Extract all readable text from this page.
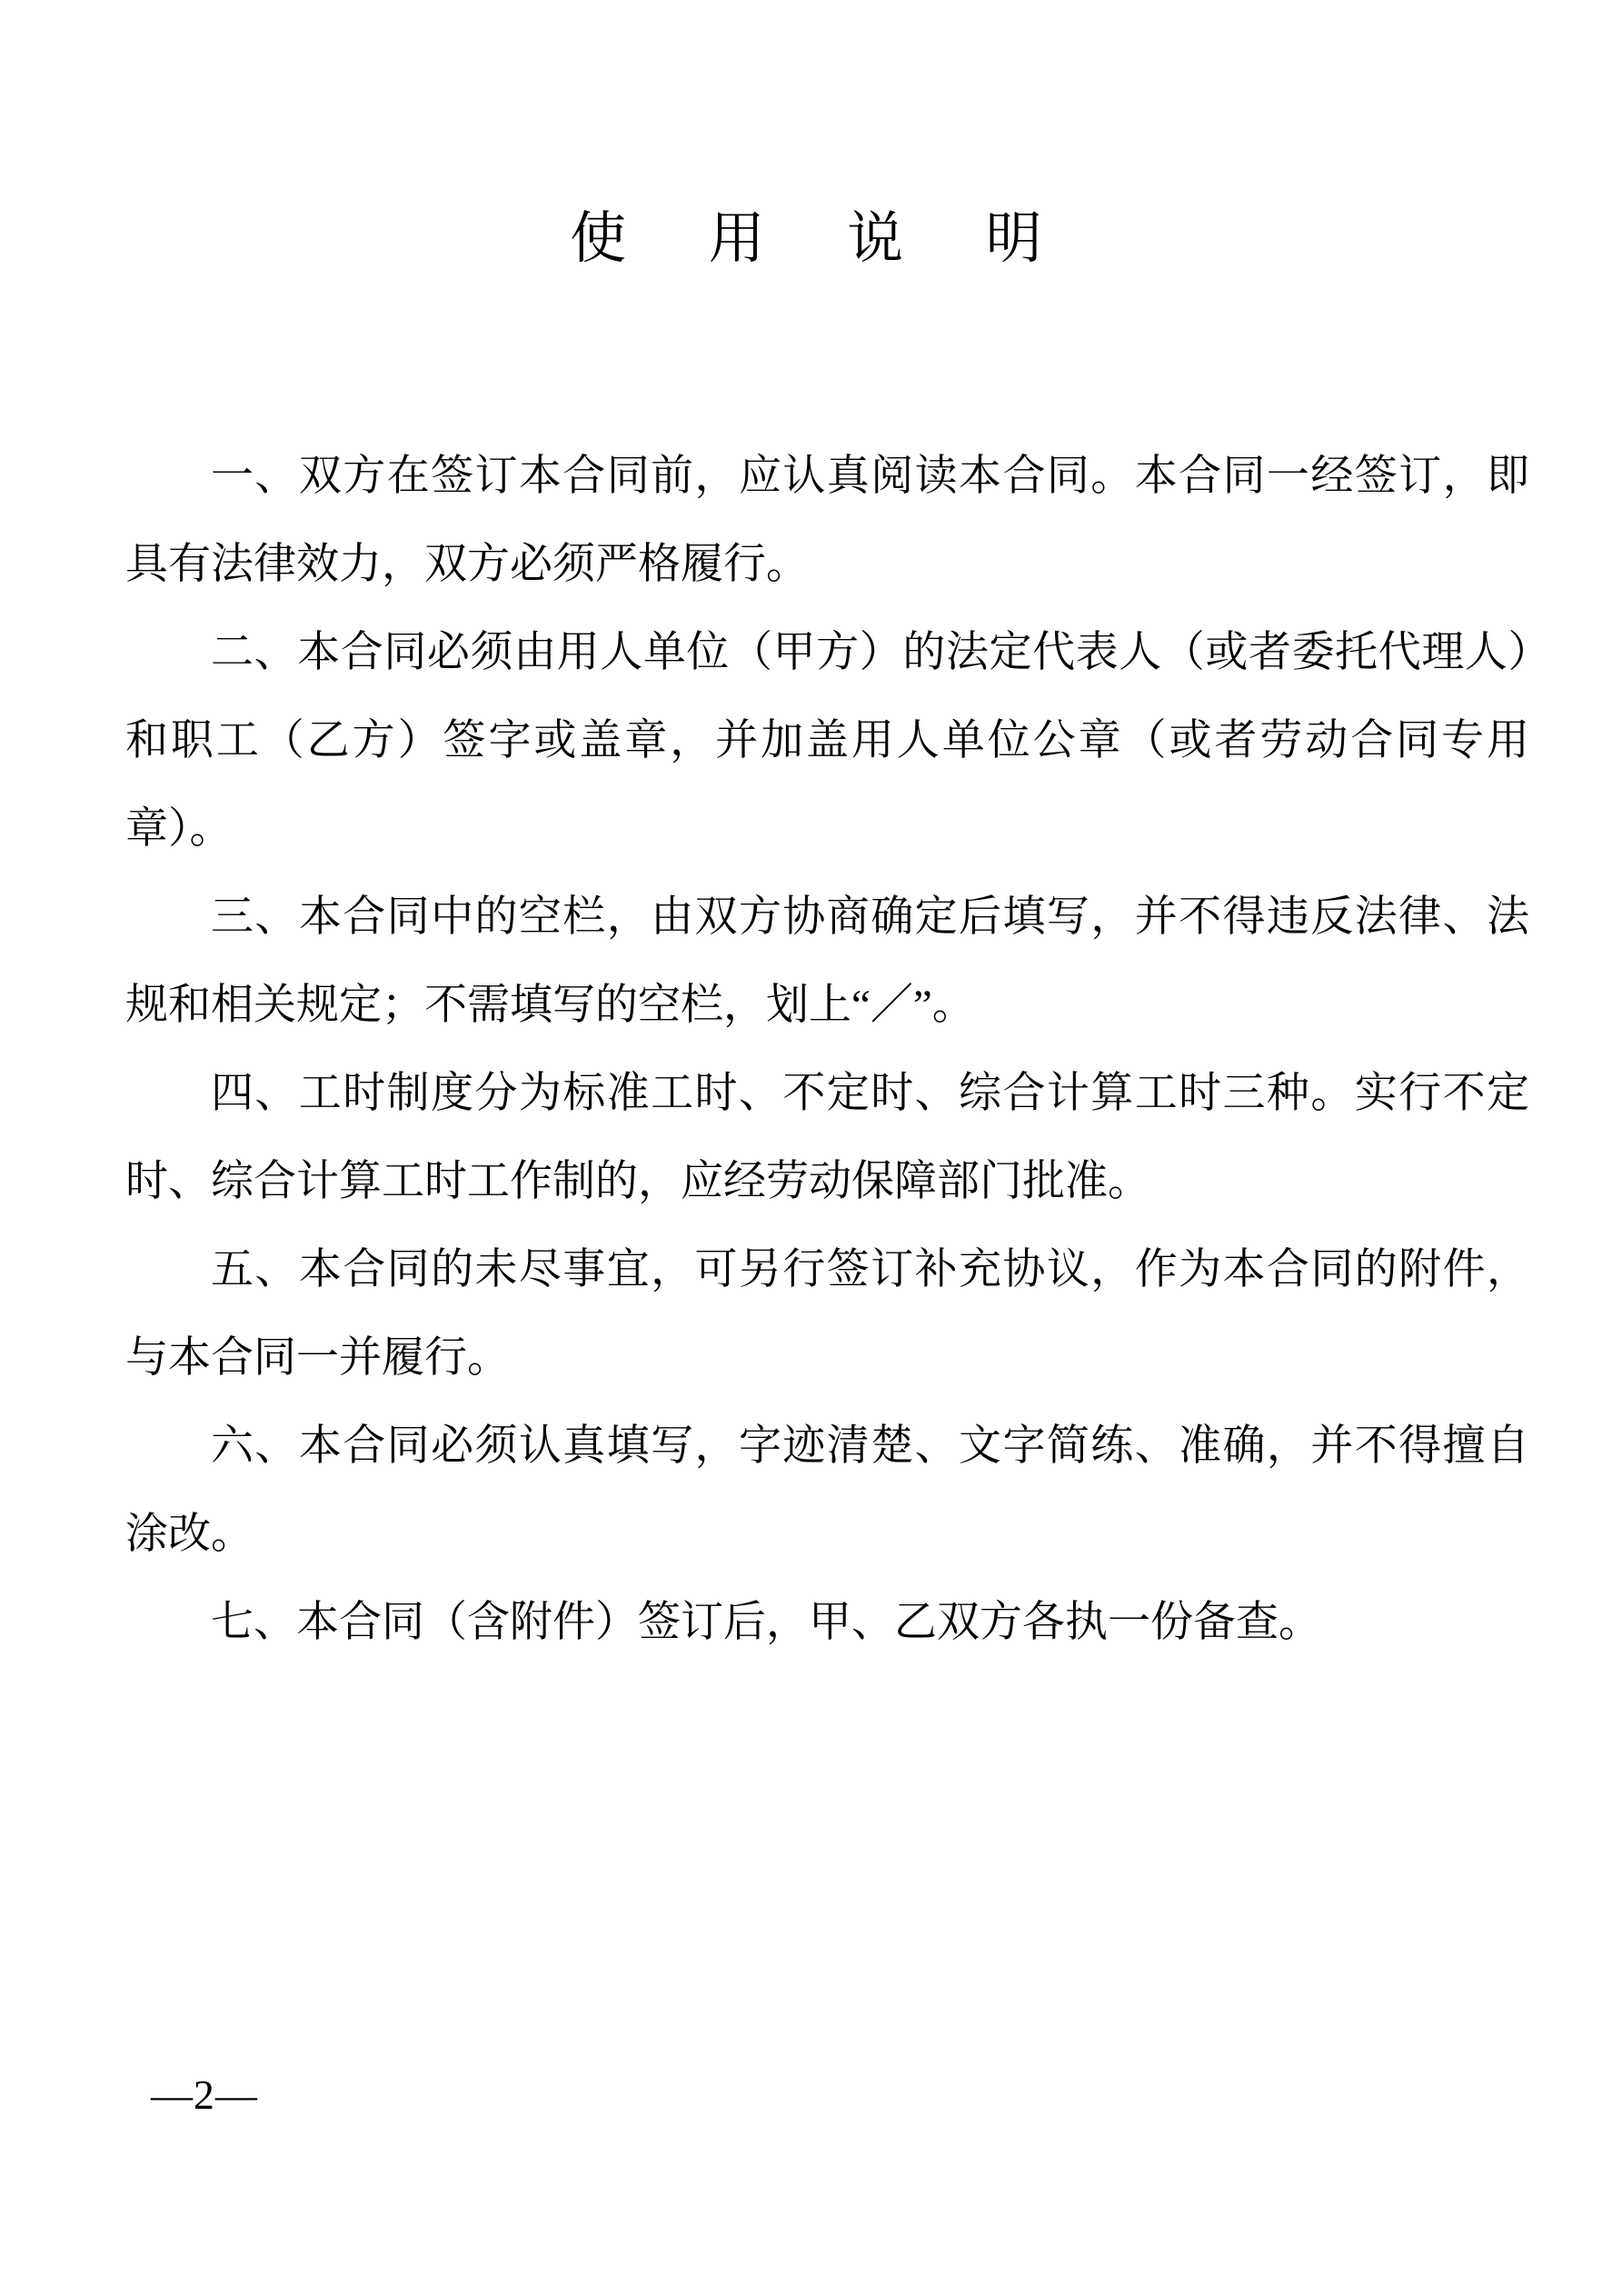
使 用 说 明

一、双方在签订本合同前，应认真阅读本合同。本合同一经签订，即具有法律效力，双方必须严格履行。

二、本合同必须由用人单位（甲方）的法定代表人（或者委托代理人）和职工（乙方）签字或盖章，并加盖用人单位公章（或者劳动合同专用章）。

三、本合同中的空栏，由双方协商确定后填写，并不得违反法律、法规和相关规定；不需填写的空栏，划上“／”。

四、工时制度分为标准工时、不定时、综合计算工时三种。实行不定时、综合计算工时工作制的，应经劳动保障部门批准。

五、本合同的未尽事宜，可另行签订补充协议，作为本合同的附件，与本合同一并履行。

六、本合同必须认真填写，字迹清楚、文字简练、准确，并不得擅自涂改。

七、本合同（含附件）签订后，甲、乙双方各执一份备查。

—2—
